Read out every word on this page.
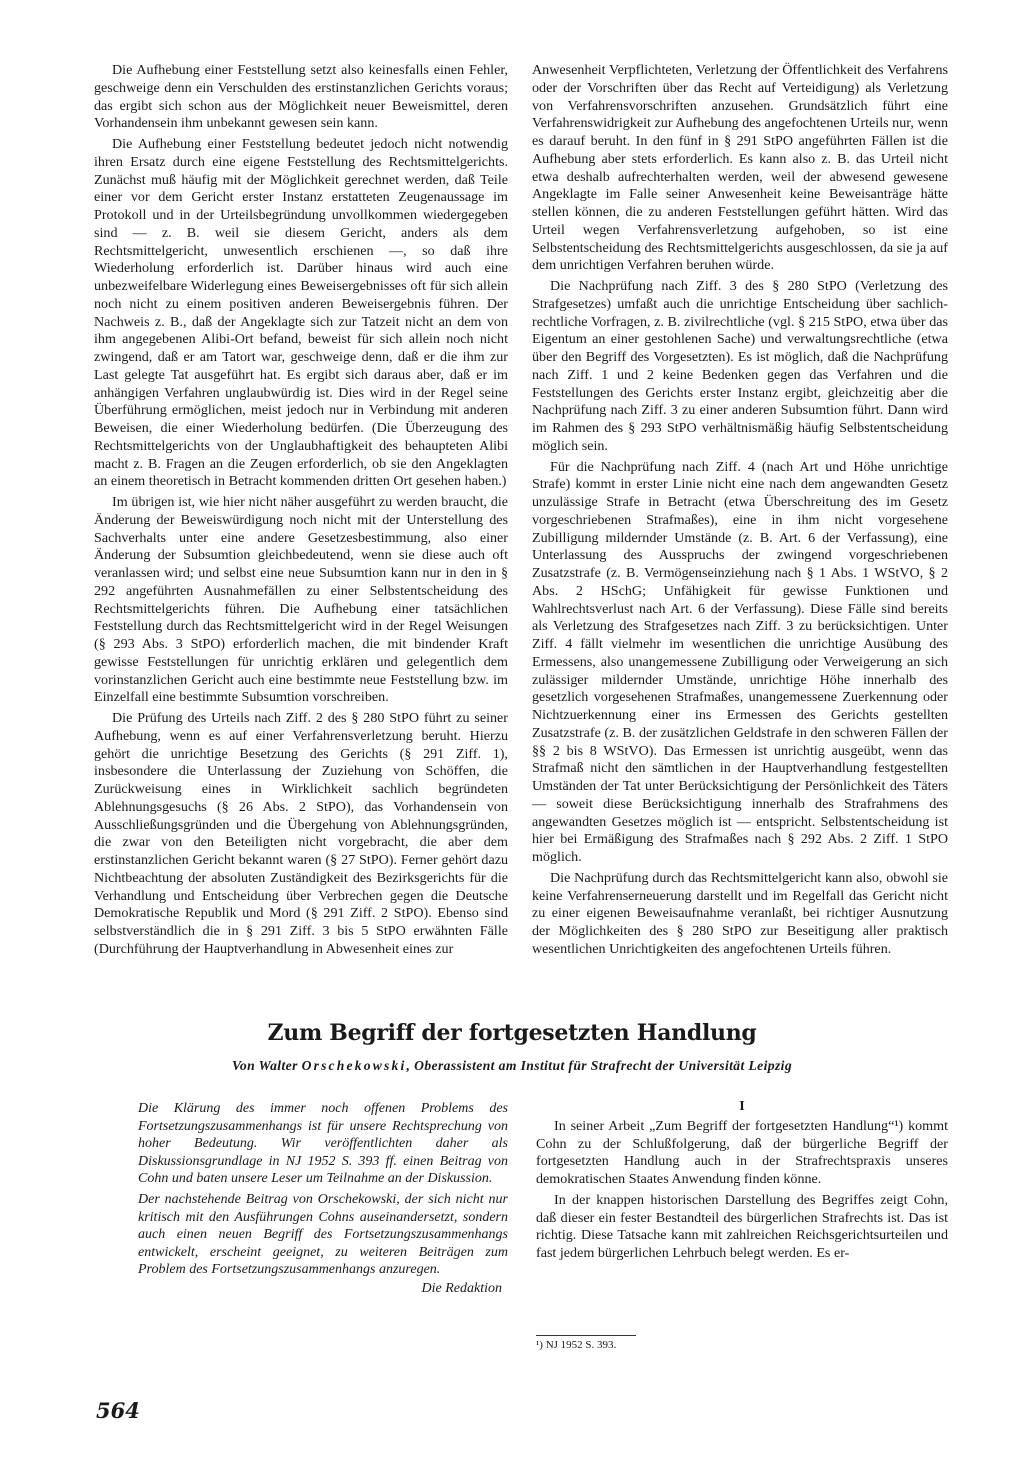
Die Aufhebung einer Feststellung setzt also keinesfalls einen Fehler, geschweige denn ein Verschulden des erstinstanzlichen Gerichts voraus; das ergibt sich schon aus der Möglichkeit neuer Beweismittel, deren Vorhandensein ihm unbekannt gewesen sein kann.

Die Aufhebung einer Feststellung bedeutet jedoch nicht notwendig ihren Ersatz durch eine eigene Feststellung des Rechtsmittelgerichts. Zunächst muß häufig mit der Möglichkeit gerechnet werden, daß Teile einer vor dem Gericht erster Instanz erstatteten Zeugenaussage im Protokoll und in der Urteilsbegründung unvollkommen wiedergegeben sind — z. B. weil sie diesem Gericht, anders als dem Rechtsmittelgericht, unwesentlich erschienen —, so daß ihre Wiederholung erforderlich ist. Darüber hinaus wird auch eine unbezweifelbare Widerlegung eines Beweisergebnisses oft für sich allein noch nicht zu einem positiven anderen Beweisergebnis führen. Der Nachweis z. B., daß der Angeklagte sich zur Tatzeit nicht an dem von ihm angegebenen Alibi-Ort befand, beweist für sich allein noch nicht zwingend, daß er am Tatort war, geschweige denn, daß er die ihm zur Last gelegte Tat ausgeführt hat. Es ergibt sich daraus aber, daß er im anhängigen Verfahren unglaubwürdig ist. Dies wird in der Regel seine Überführung ermöglichen, meist jedoch nur in Verbindung mit anderen Beweisen, die einer Wiederholung bedürfen. (Die Überzeugung des Rechtsmittelgerichts von der Unglaubhaftigkeit des behaupteten Alibi macht z. B. Fragen an die Zeugen erforderlich, ob sie den Angeklagten an einem theoretisch in Betracht kommenden dritten Ort gesehen haben.)

Im übrigen ist, wie hier nicht näher ausgeführt zu werden braucht, die Änderung der Beweiswürdigung noch nicht mit der Unterstellung des Sachverhalts unter eine andere Gesetzesbestimmung, also einer Änderung der Subsumtion gleichbedeutend, wenn sie diese auch oft veranlassen wird; und selbst eine neue Subsumtion kann nur in den in § 292 angeführten Ausnahmefällen zu einer Selbstentscheidung des Rechtsmittelgerichts führen. Die Aufhebung einer tatsächlichen Feststellung durch das Rechtsmittelgericht wird in der Regel Weisungen (§ 293 Abs. 3 StPO) erforderlich machen, die mit bindender Kraft gewisse Feststellungen für unrichtig erklären und gelegentlich dem vorinstanzlichen Gericht auch eine bestimmte neue Feststellung bzw. im Einzelfall eine bestimmte Subsumtion vorschreiben.

Die Prüfung des Urteils nach Ziff. 2 des § 280 StPO führt zu seiner Aufhebung, wenn es auf einer Verfahrensverletzung beruht. Hierzu gehört die unrichtige Besetzung des Gerichts (§ 291 Ziff. 1), insbesondere die Unterlassung der Zuziehung von Schöffen, die Zurückweisung eines in Wirklichkeit sachlich begründeten Ablehnungsgesuchs (§ 26 Abs. 2 StPO), das Vorhandensein von Ausschließungsgründen und die Übergehung von Ablehnungsgründen, die zwar von den Beteiligten nicht vorgebracht, die aber dem erstinstanzlichen Gericht bekannt waren (§ 27 StPO). Ferner gehört dazu Nichtbeachtung der absoluten Zuständigkeit des Bezirksgerichts für die Verhandlung und Entscheidung über Verbrechen gegen die Deutsche Demokratische Republik und Mord (§ 291 Ziff. 2 StPO). Ebenso sind selbstverständlich die in § 291 Ziff. 3 bis 5 StPO erwähnten Fälle (Durchführung der Hauptverhandlung in Abwesenheit eines zur

Anwesenheit Verpflichteten, Verletzung der Öffentlichkeit des Verfahrens oder der Vorschriften über das Recht auf Verteidigung) als Verletzung von Verfahrensvorschriften anzusehen. Grundsätzlich führt eine Verfahrenswidrigkeit zur Aufhebung des angefochtenen Urteils nur, wenn es darauf beruht. In den fünf in § 291 StPO angeführten Fällen ist die Aufhebung aber stets erforderlich. Es kann also z. B. das Urteil nicht etwa deshalb aufrechterhalten werden, weil der abwesend gewesene Angeklagte im Falle seiner Anwesenheit keine Beweisanträge hätte stellen können, die zu anderen Feststellungen geführt hätten. Wird das Urteil wegen Verfahrensverletzung aufgehoben, so ist eine Selbstentscheidung des Rechtsmittelgerichts ausgeschlossen, da sie ja auf dem unrichtigen Verfahren beruhen würde.

Die Nachprüfung nach Ziff. 3 des § 280 StPO (Verletzung des Strafgesetzes) umfaßt auch die unrichtige Entscheidung über sachlich-rechtliche Vorfragen, z. B. zivilrechtliche (vgl. § 215 StPO, etwa über das Eigentum an einer gestohlenen Sache) und verwaltungsrechtliche (etwa über den Begriff des Vorgesetzten). Es ist möglich, daß die Nachprüfung nach Ziff. 1 und 2 keine Bedenken gegen das Verfahren und die Feststellungen des Gerichts erster Instanz ergibt, gleichzeitig aber die Nachprüfung nach Ziff. 3 zu einer anderen Subsumtion führt. Dann wird im Rahmen des § 293 StPO verhältnismäßig häufig Selbstentscheidung möglich sein.

Für die Nachprüfung nach Ziff. 4 (nach Art und Höhe unrichtige Strafe) kommt in erster Linie nicht eine nach dem angewandten Gesetz unzulässige Strafe in Betracht (etwa Überschreitung des im Gesetz vorgeschriebenen Strafmaßes), eine in ihm nicht vorgesehene Zubilligung mildernder Umstände (z. B. Art. 6 der Verfassung), eine Unterlassung des Ausspruchs der zwingend vorgeschriebenen Zusatzstrafe (z. B. Vermögenseinziehung nach § 1 Abs. 1 WStVO, § 2 Abs. 2 HSchG; Unfähigkeit für gewisse Funktionen und Wahlrechtsverlust nach Art. 6 der Verfassung). Diese Fälle sind bereits als Verletzung des Strafgesetzes nach Ziff. 3 zu berücksichtigen. Unter Ziff. 4 fällt vielmehr im wesentlichen die unrichtige Ausübung des Ermessens, also unangemessene Zubilligung oder Verweigerung an sich zulässiger mildernder Umstände, unrichtige Höhe innerhalb des gesetzlich vorgesehenen Strafmaßes, unangemessene Zuerkennung oder Nichtzuerkennung einer ins Ermessen des Gerichts gestellten Zusatzstrafe (z. B. der zusätzlichen Geldstrafe in den schweren Fällen der §§ 2 bis 8 WStVO). Das Ermessen ist unrichtig ausgeübt, wenn das Strafmaß nicht den sämtlichen in der Hauptverhandlung festgestellten Umständen der Tat unter Berücksichtigung der Persönlichkeit des Täters — soweit diese Berücksichtigung innerhalb des Strafrahmens des angewandten Gesetzes möglich ist — entspricht. Selbstentscheidung ist hier bei Ermäßigung des Strafmaßes nach § 292 Abs. 2 Ziff. 1 StPO möglich.

Die Nachprüfung durch das Rechtsmittelgericht kann also, obwohl sie keine Verfahrenserneuerung darstellt und im Regelfall das Gericht nicht zu einer eigenen Beweisaufnahme veranlaßt, bei richtiger Ausnutzung der Möglichkeiten des § 280 StPO zur Beseitigung aller praktisch wesentlichen Unrichtigkeiten des angefochtenen Urteils führen.

Zum Begriff der fortgesetzten Handlung
Von Walter Orschekowski, Oberassistent am Institut für Strafrecht der Universität Leipzig

Die Klärung des immer noch offenen Problems des Fortsetzungszusammenhangs ist für unsere Rechtsprechung von hoher Bedeutung. Wir veröffentlichten daher als Diskussionsgrundlage in NJ 1952 S. 393 ff. einen Beitrag von Cohn und baten unsere Leser um Teilnahme an der Diskussion.

Der nachstehende Beitrag von Orschekowski, der sich nicht nur kritisch mit den Ausführungen Cohns auseinandersetzt, sondern auch einen neuen Begriff des Fortsetzungszusammenhangs entwickelt, erscheint geeignet, zu weiteren Beiträgen zum Problem des Fortsetzungszusammenhangs anzuregen.

Die Redaktion
I

In seiner Arbeit „Zum Begriff der fortgesetzten Handlung“¹) kommt Cohn zu der Schlußfolgerung, daß der bürgerliche Begriff der fortgesetzten Handlung auch in der Strafrechtspraxis unseres demokratischen Staates Anwendung finden könne.

In der knappen historischen Darstellung des Begriffes zeigt Cohn, daß dieser ein fester Bestandteil des bürgerlichen Strafrechts ist. Das ist richtig. Diese Tatsache kann mit zahlreichen Reichsgerichtsurteilen und fast jedem bürgerlichen Lehrbuch belegt werden. Es er-

¹) NJ 1952 S. 393.
564
